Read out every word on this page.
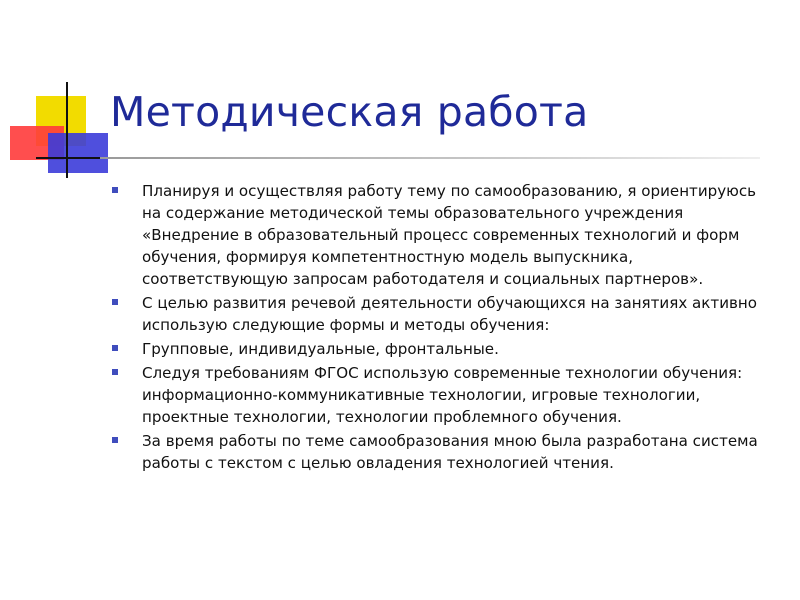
Методическая работа
Планируя и осуществляя работу тему по самообразованию, я ориентируюсь на содержание методической темы образовательного учреждения «Внедрение в образовательный процесс современных технологий и форм обучения, формируя компетентностную модель выпускника, соответствующую запросам работодателя и социальных партнеров».
С целью развития речевой деятельности обучающихся на занятиях активно использую следующие формы и методы обучения:
Групповые, индивидуальные, фронтальные.
Следуя требованиям ФГОС использую современные технологии обучения: информационно-коммуникативные технологии, игровые технологии, проектные технологии, технологии проблемного обучения.
За время работы по теме самообразования мною была разработана система работы с текстом с целью овладения технологией чтения.
